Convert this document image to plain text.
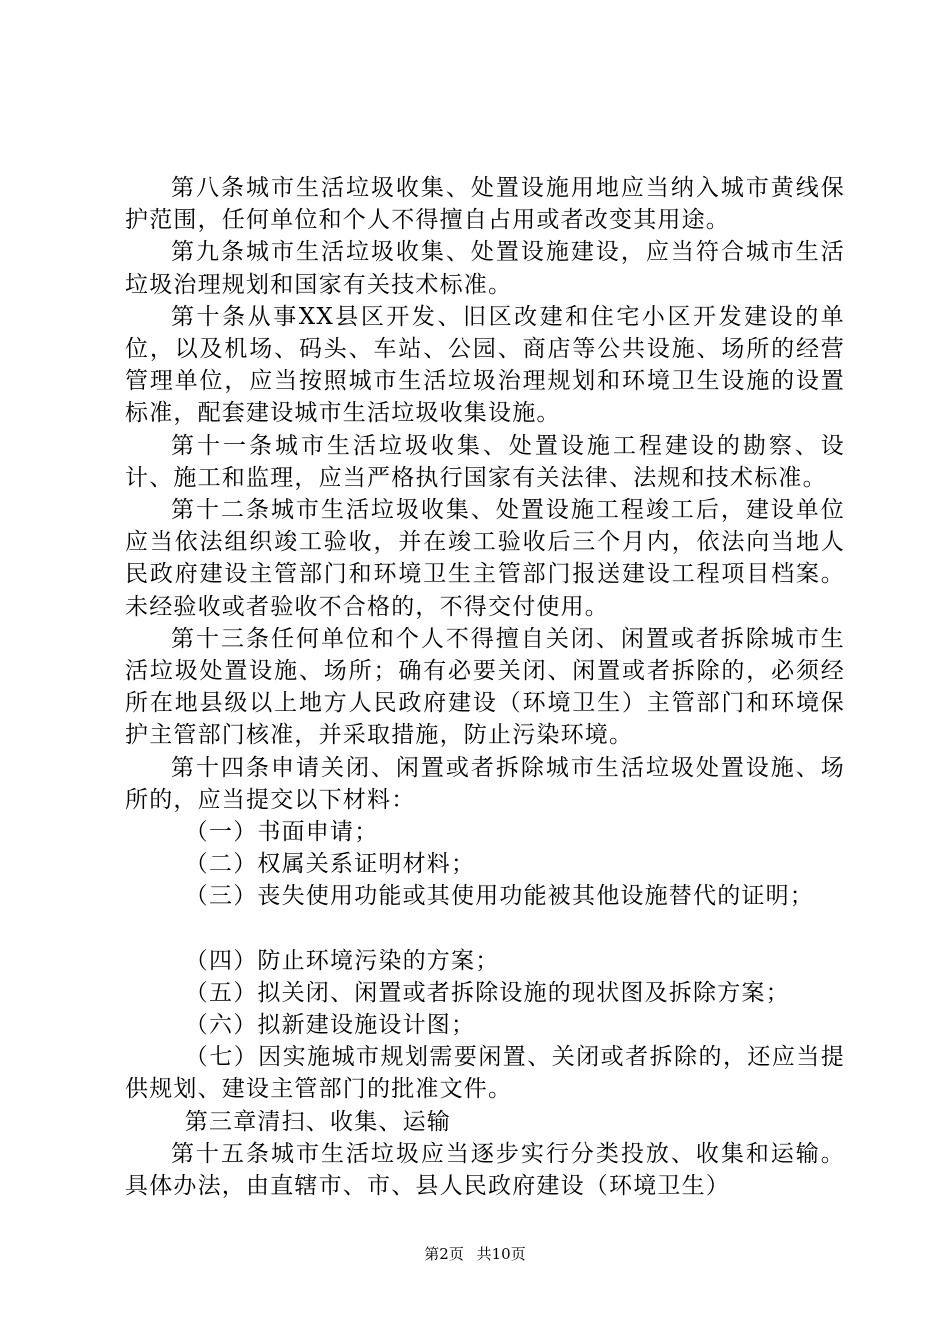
第八条城市生活垃圾收集、处置设施用地应当纳入城市黄线保护范围，任何单位和个人不得擅自占用或者改变其用途。

第九条城市生活垃圾收集、处置设施建设，应当符合城市生活垃圾治理规划和国家有关技术标准。

第十条从事XX县区开发、旧区改建和住宅小区开发建设的单位，以及机场、码头、车站、公园、商店等公共设施、场所的经营管理单位，应当按照城市生活垃圾治理规划和环境卫生设施的设置标准，配套建设城市生活垃圾收集设施。

第十一条城市生活垃圾收集、处置设施工程建设的勘察、设计、施工和监理，应当严格执行国家有关法律、法规和技术标准。

第十二条城市生活垃圾收集、处置设施工程竣工后，建设单位应当依法组织竣工验收，并在竣工验收后三个月内，依法向当地人民政府建设主管部门和环境卫生主管部门报送建设工程项目档案。未经验收或者验收不合格的，不得交付使用。

第十三条任何单位和个人不得擅自关闭、闲置或者拆除城市生活垃圾处置设施、场所；确有必要关闭、闲置或者拆除的，必须经所在地县级以上地方人民政府建设（环境卫生）主管部门和环境保护主管部门核准，并采取措施，防止污染环境。

第十四条申请关闭、闲置或者拆除城市生活垃圾处置设施、场所的，应当提交以下材料：

（一）书面申请；

（二）权属关系证明材料；

（三）丧失使用功能或其使用功能被其他设施替代的证明；

（四）防止环境污染的方案；

（五）拟关闭、闲置或者拆除设施的现状图及拆除方案；

（六）拟新建设施设计图；

（七）因实施城市规划需要闲置、关闭或者拆除的，还应当提供规划、建设主管部门的批准文件。

第三章清扫、收集、运输

第十五条城市生活垃圾应当逐步实行分类投放、收集和运输。具体办法，由直辖市、市、县人民政府建设（环境卫生）

第2页 共10页
